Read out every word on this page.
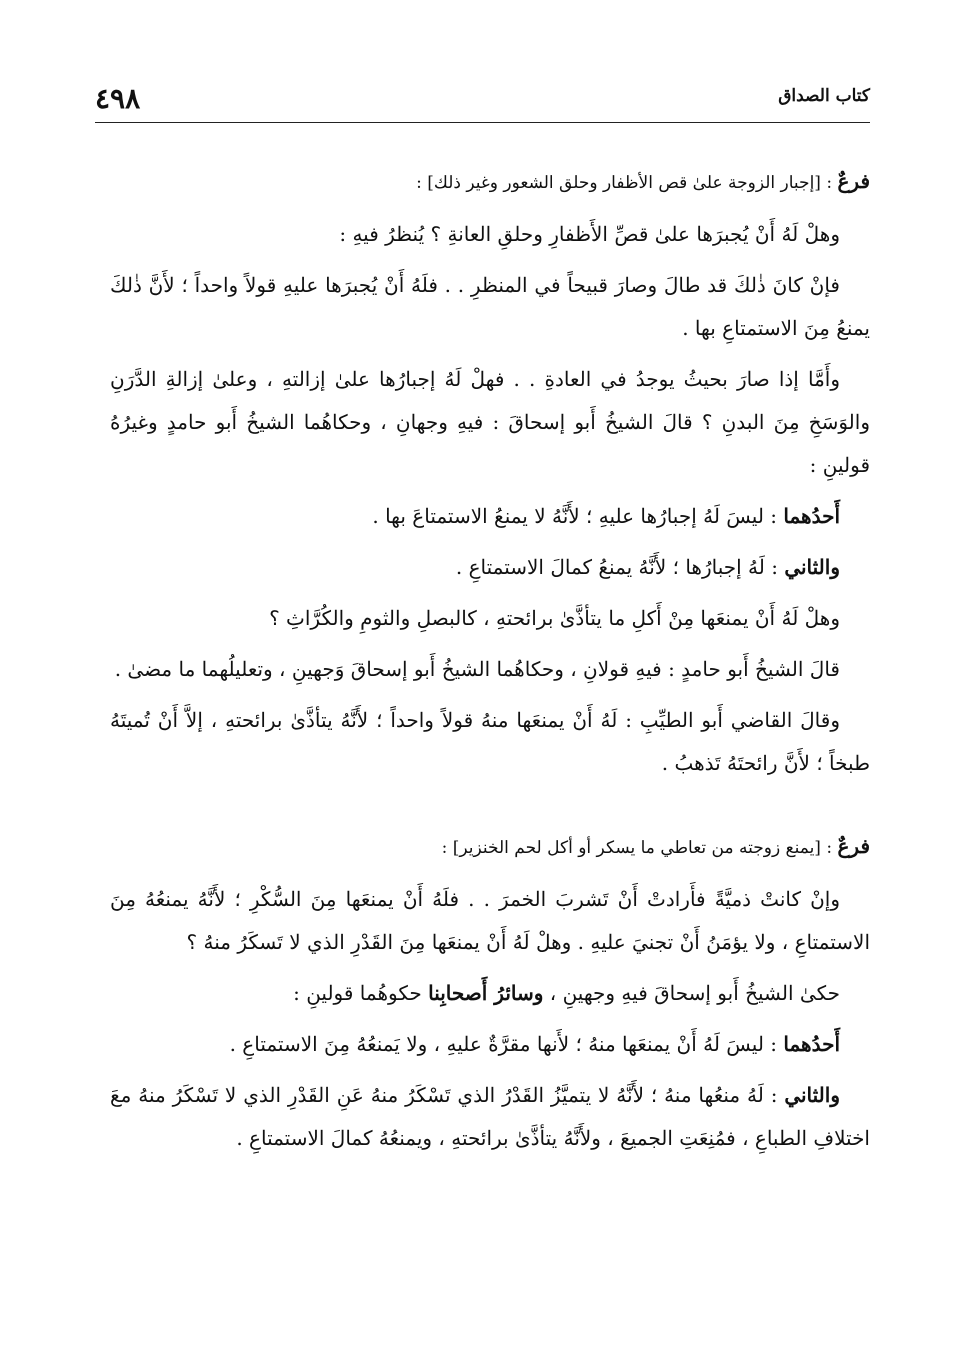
٤٩٨	كتاب الصداق

فرعٌ : [إجبار الزوجة علىٰ قص الأظفار وحلق الشعور وغير ذلك] :

وهلْ لَهُ أَنْ يُجبرَها علىٰ قصِّ الأَظفارِ وحلقِ العانةِ ؟ يُنظرُ فيهِ :

فإنْ كانَ ذٰلكَ قد طالَ وصارَ قبيحاً في المنظرِ . . فلَهُ أَنْ يُجبرَها عليهِ قولاً واحداً ؛ لأَنَّ ذٰلكَ يمنعُ مِنَ الاستمتاعِ بها .

وأَمَّا إذا صارَ بحيثُ يوجدُ في العادةِ . . فهلْ لَهُ إجبارُها علىٰ إزالتهِ ، وعلىٰ إزالةِ الدَّرَنِ والوَسَخِ مِنَ البدنِ ؟ قالَ الشيخُ أَبو إسحاقَ : فيهِ وجهانِ ، وحكاهُما الشيخُ أَبو حامدٍ وغيرُهُ قولينِ :

أَحدُهما : ليسَ لَهُ إجبارُها عليهِ ؛ لأَنَّهُ لا يمنعُ الاستمتاعَ بها .

والثاني : لَهُ إجبارُها ؛ لأَنَّهُ يمنعُ كمالَ الاستمتاعِ .

وهلْ لَهُ أَنْ يمنعَها مِنْ أَكلِ ما يتأذَّىٰ برائحتهِ ، كالبصلِ والثومِ والكُرَّاثِ ؟

قالَ الشيخُ أَبو حامدٍ : فيهِ قولانِ ، وحكاهُما الشيخُ أَبو إسحاقَ وَجهينِ ، وتعليلُهما ما مضىٰ .

وقالَ القاضي أَبو الطيِّبِ : لَهُ أَنْ يمنعَها منهُ قولاً واحداً ؛ لأَنَّهُ يتأذَّىٰ برائحتهِ ، إلاَّ أَنْ تُميتَهُ طبخاً ؛ لأَنَّ رائحتَهُ تَذهبُ .

فرعٌ : [يمنع زوجته من تعاطي ما يسكر أو أكل لحم الخنزير] :

وإنْ كانتْ ذميَّةً فأَرادتْ أَنْ تَشربَ الخمرَ . . فلَهُ أَنْ يمنعَها مِنَ السُّكْرِ ؛ لأَنَّهُ يمنعُهُ مِنَ الاستمتاعِ ، ولا يؤمَنُ أَنْ تجنيَ عليهِ . وهلْ لَهُ أَنْ يمنعَها مِنَ القَدْرِ الذي لا تَسكَرُ منهُ ؟

حكىٰ الشيخُ أَبو إسحاقَ فيهِ وجهينِ ، وسائرُ أَصحابِنا حكوهُما قولينِ :

أَحدُهما : ليسَ لَهُ أَنْ يمنعَها منهُ ؛ لأَنها مقرَّةٌ عليهِ ، ولا يَمنعُهُ مِنَ الاستمتاعِ .

والثاني : لَهُ منعُها منهُ ؛ لأَنَّهُ لا يتميَّزُ القَدْرُ الذي تَسْكَرُ منهُ عَنِ القَدْرِ الذي لا تَسْكَرُ منهُ معَ اختلافِ الطباعِ ، فمُنِعَتِ الجميعَ ، ولأَنَّهُ يتأذَّىٰ برائحتهِ ، ويمنعُهُ كمالَ الاستمتاعِ .
